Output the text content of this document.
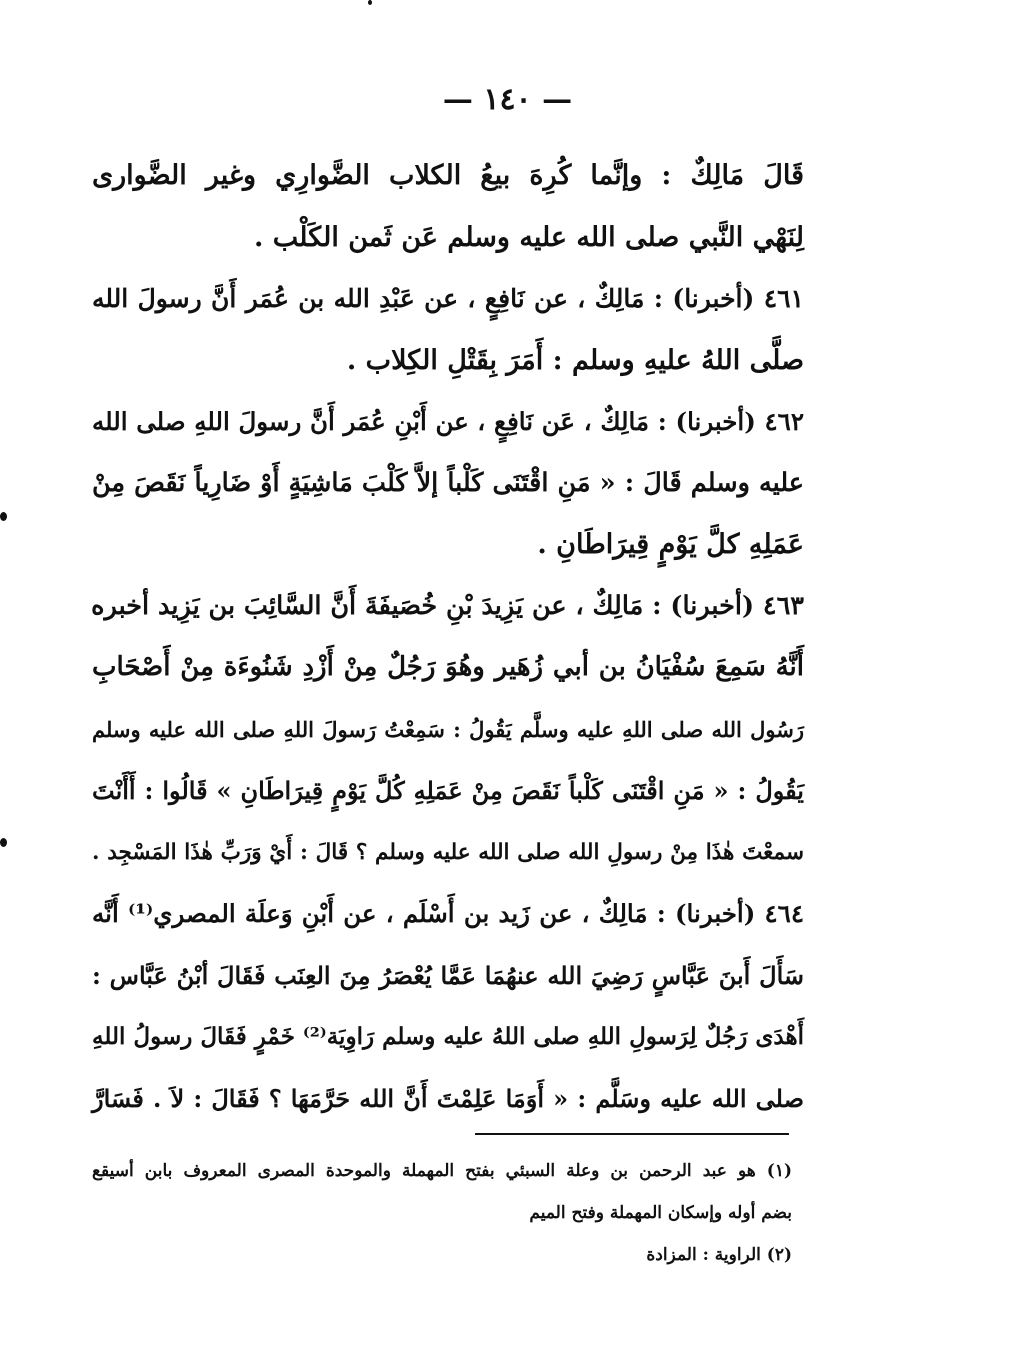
— ١٤٠ —
قَالَ مَالِكٌ : وإنَّما كُرِهَ بيعُ الكلاب الضَّوارِي وغير الضَّوارى
لِنَهْي النَّبي صلى الله عليه وسلم عَن ثَمن الكَلْب .
٤٦١ (أخبرنا) : مَالِكٌ ، عن نَافِعٍ ، عن عَبْدِ الله بن عُمَر أَنَّ رسولَ الله
صلَّى اللهُ عليهِ وسلم : أَمَرَ بِقَتْلِ الكِلاب .
٤٦٢ (أخبرنا) : مَالِكٌ ، عَن نَافِعٍ ، عن أَبْنِ عُمَر أَنَّ رسولَ اللهِ صلى الله
عليه وسلم قَالَ : « مَنِ اقْتَنَى كَلْباً إلاَّ كَلْبَ مَاشِيَةٍ أَوْ ضَارِياً نَقَصَ مِنْ
عَمَلِهِ كلَّ يَوْمٍ قِيرَاطَانِ .
٤٦٣ (أخبرنا) : مَالِكٌ ، عن يَزِيدَ بْنِ خُصَيفَةَ أَنَّ السَّائِبَ بن يَزِيد أخبره
أَنَّهُ سَمِعَ سُفْيَانُ بن أبي زُهَير وهُوَ رَجُلٌ مِنْ أَزْدِ شَنُوءَة مِنْ أَصْحَابِ
رَسُول الله صلى اللهِ عليه وسلَّم يَقُولُ : سَمِعْتُ رَسولَ اللهِ صلى الله عليه وسلم
يَقُولُ : « مَنِ اقْتَنَى كَلْباً نَقَصَ مِنْ عَمَلِهِ كُلَّ يَوْمٍ قِيرَاطَانِ » قَالُوا : أَأَنْتَ
سمعْتَ هٰذَا مِنْ رسولِ الله صلى الله عليه وسلم ؟ قَالَ : أَيْ وَرَبِّ هٰذَا المَسْجِد .
٤٦٤ (أخبرنا) : مَالِكٌ ، عن زَيد بن أَسْلَم ، عن أَبْنِ وَعلَة المصري⁽¹⁾ أَنَّه
سَأَلَ أَبنَ عَبَّاسٍ رَضِيَ الله عنهُمَا عَمَّا يُعْصَرُ مِنَ العِنَب فَقَالَ أبْنُ عَبَّاس :
أَهْدَى رَجُلٌ لِرَسولِ اللهِ صلى اللهُ عليه وسلم رَاوِيَة⁽²⁾ خَمْرٍ فَقَالَ رسولُ اللهِ
صلى الله عليه وسَلَّم : « أَوَمَا عَلِمْتَ أَنَّ الله حَرَّمَهَا ؟ فَقَالَ : لاَ . فَسَارَّ
(١) هو عبد الرحمن بن وعلة السبئي بفتح المهملة والموحدة المصرى المعروف بابن أسيقع
بضم أوله وإسكان المهملة وفتح الميم
(٢) الراوية : المزادة
